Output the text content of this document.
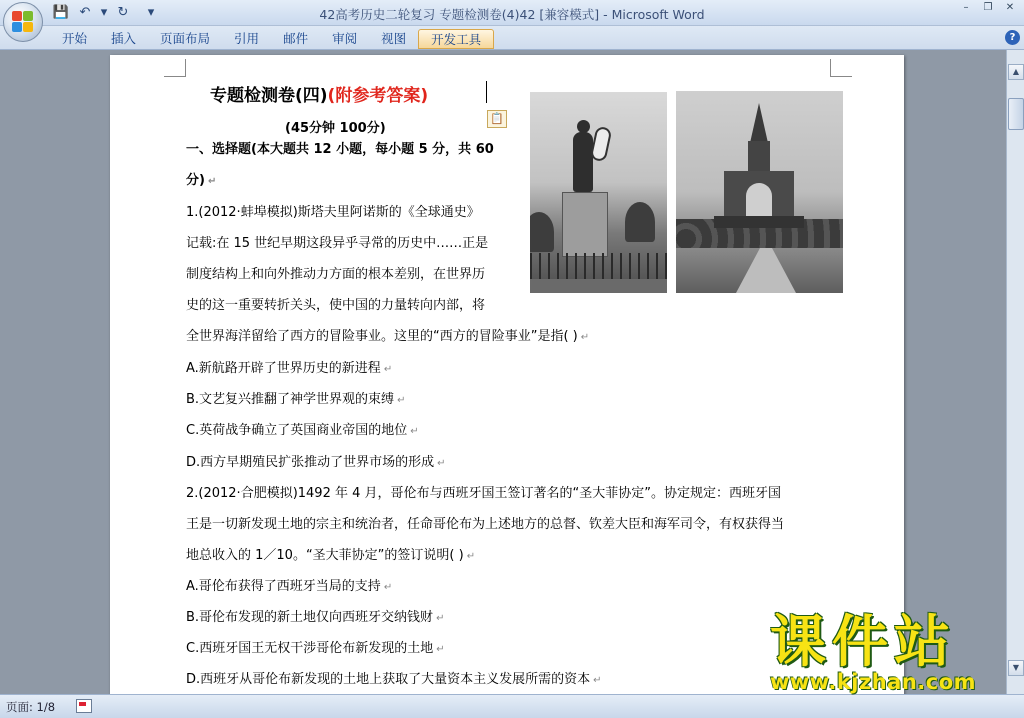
💾 ↶ ▾ ↻ ▾	42高考历史二轮复习 专题检测卷(4)42 [兼容模式] - Microsoft Word	–	❐	✕
开始	插入	页面布局	引用	邮件	审阅	视图	开发工具	?
专题检测卷(四)(附参考答案)
📋
(45分钟 100分)
一、选择题(本大题共 12 小题，每小题 5 分，共 60
分) ↵
1.(2012·蚌埠模拟)斯塔夫里阿诺斯的《全球通史》
记载:在 15 世纪早期这段异乎寻常的历史中……正是
制度结构上和向外推动力方面的根本差别，在世界历
史的这一重要转折关头，使中国的力量转向内部，将
全世界海洋留给了西方的冒险事业。这里的“西方的冒险事业”是指( ) ↵
A.新航路开辟了世界历史的新进程 ↵
B.文艺复兴推翻了神学世界观的束缚 ↵
C.英荷战争确立了英国商业帝国的地位 ↵
D.西方早期殖民扩张推动了世界市场的形成 ↵
2.(2012·合肥模拟)1492 年 4 月，哥伦布与西班牙国王签订著名的“圣大菲协定”。协定规定：西班牙国
王是一切新发现土地的宗主和统治者，任命哥伦布为上述地方的总督、钦差大臣和海军司令，有权获得当
地总收入的 1／10。“圣大菲协定”的签订说明( ) ↵
A.哥伦布获得了西班牙当局的支持 ↵
B.哥伦布发现的新土地仅向西班牙交纳钱财 ↵
C.西班牙国王无权干涉哥伦布新发现的土地 ↵
D.西班牙从哥伦布新发现的土地上获取了大量资本主义发展所需的资本 ↵
▲
▼
页面: 1/8
课件站
www.kjzhan.com
